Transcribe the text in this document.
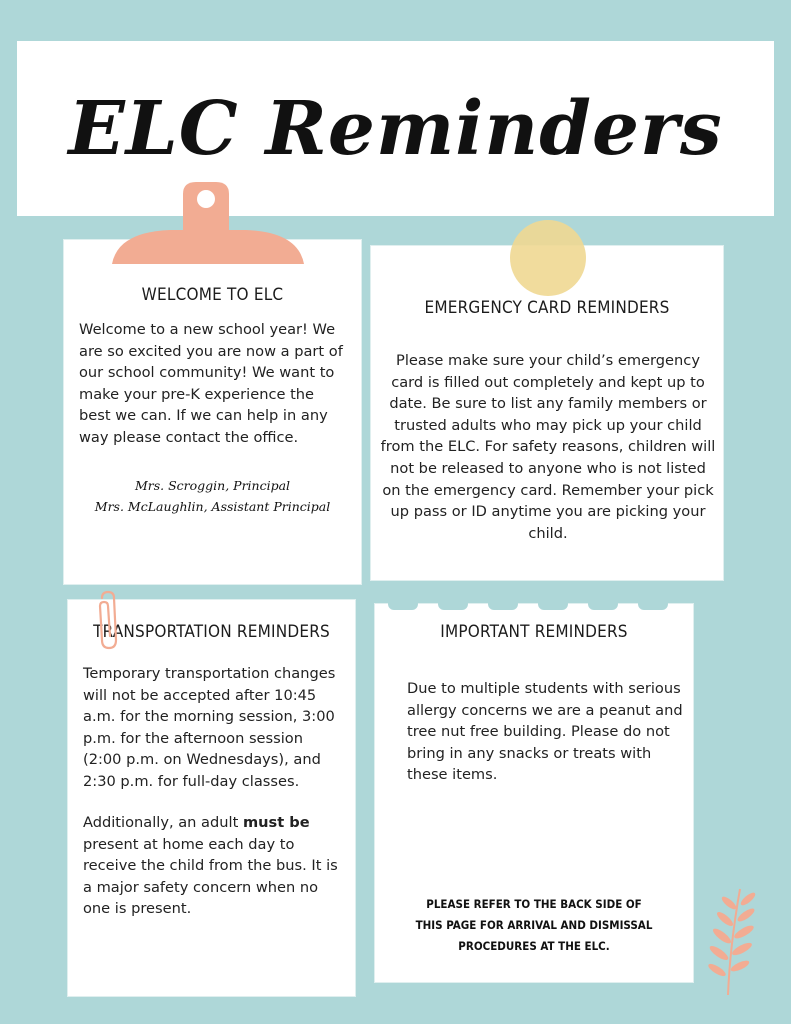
ELC Reminders
WELCOME TO ELC
Welcome to a new school year! We are so excited you are now a part of our school community! We want to make your pre-K experience the best we can. If we can help in any way please contact the office.
Mrs. Scroggin, Principal
Mrs. McLaughlin, Assistant Principal
EMERGENCY CARD REMINDERS
Please make sure your child’s emergency card is filled out completely and kept up to date. Be sure to list any family members or trusted adults who may pick up your child from the ELC. For safety reasons, children will not be released to anyone who is not listed on the emergency card. Remember your pick up pass or ID anytime you are picking your child.
TRANSPORTATION REMINDERS
Temporary transportation changes will not be accepted after 10:45 a.m. for the morning session, 3:00 p.m. for the afternoon session (2:00 p.m. on Wednesdays), and 2:30 p.m. for full-day classes.
Additionally, an adult must be present at home each day to receive the child from the bus. It is a major safety concern when no one is present.
IMPORTANT REMINDERS
Due to multiple students with serious allergy concerns we are a peanut and tree nut free building. Please do not bring in any snacks or treats with these items.
PLEASE REFER TO THE BACK SIDE OF THIS PAGE FOR ARRIVAL AND DISMISSAL PROCEDURES AT THE ELC.
